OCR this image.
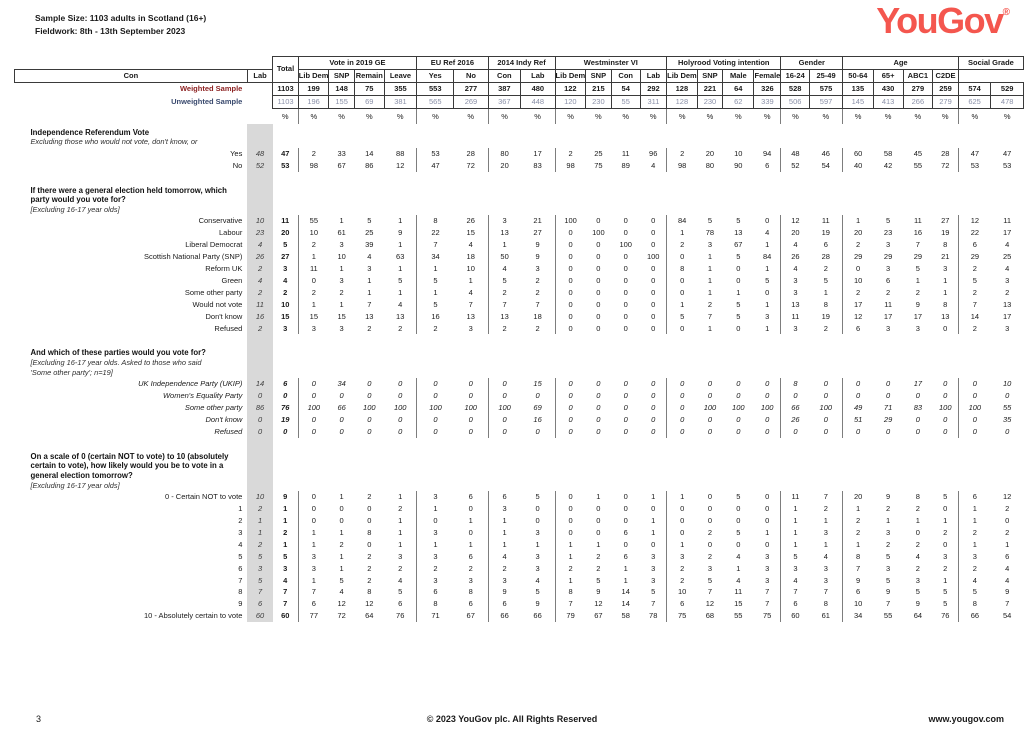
Sample Size: 1103 adults in Scotland (16+)
Fieldwork: 8th - 13th September 2023	YouGov®
		Total	Vote in 2019 GE				EU Ref 2016		2014 Indy Ref		Westminster VI				Holyrood Voting intention				Gender		Age				Social Grade	
Con	Lab		Lib Dem	SNP	Remain	Leave	Yes	No	Con	Lab	Lib Dem	SNP	Con	Lab	Lib Dem	SNP	Male	Female	16-24	25-49	50-64	65+	ABC1	C2DE		
Weighted Sample		1103	199	148	75	355	553	277	387	480	122	215	54	292	128	221	64	326	528	575	135	430	279	259	574	529
Unweighted Sample		1103	196	155	69	381	565	269	367	448	120	230	55	311	128	230	62	339	506	597	145	413	266	279	625	478
		%	%	%	%	%	%	%	%	%	%	%	%	%	%	%	%	%	%	%	%	%	%	%	%	%

Independence Referendum Vote
Excluding those who would not vote, don't know, or																										

Yes	48	47	2	33	14	88	53	28	80	17	2	25	11	96	2	20	10	94	48	46	60	58	45	28	47	47
No	52	53	98	67	86	12	47	72	20	83	98	75	89	4	98	80	90	6	52	54	40	42	55	72	53	53

If there were a general election held tomorrow, which party would you vote for?
[Excluding 16-17 year olds]																										

Conservative	10	11	55	1	5	1	8	26	3	21	100	0	0	0	84	5	5	0	12	11	1	5	11	27	12	11
Labour	23	20	10	61	25	9	22	15	13	27	0	100	0	0	1	78	13	4	20	19	20	23	16	19	22	17
Liberal Democrat	4	5	2	3	39	1	7	4	1	9	0	0	100	0	2	3	67	1	4	6	2	3	7	8	6	4
Scottish National Party (SNP)	26	27	1	10	4	63	34	18	50	9	0	0	0	100	0	1	5	84	26	28	29	29	29	21	29	25
Reform UK	2	3	11	1	3	1	1	10	4	3	0	0	0	0	8	1	0	1	4	2	0	3	5	3	2	4
Green	4	4	0	3	1	5	5	1	5	2	0	0	0	0	0	1	0	5	3	5	10	6	1	1	5	3
Some other party	2	2	2	2	1	1	1	4	2	2	0	0	0	0	0	1	1	0	3	1	2	2	2	1	2	2
Would not vote	11	10	1	1	7	4	5	7	7	7	0	0	0	0	1	2	5	1	13	8	17	11	9	8	7	13
Don't know	16	15	15	15	13	13	16	13	13	18	0	0	0	0	5	7	5	3	11	19	12	17	17	13	14	17
Refused	2	3	3	3	2	2	2	3	2	2	0	0	0	0	0	1	0	1	3	2	6	3	3	0	2	3

And which of these parties would you vote for?
[Excluding 16-17 year olds. Asked to those who said
'Some other party'; n=19]																										

UK Independence Party (UKIP)	14	6	0	34	0	0	0	0	0	15	0	0	0	0	0	0	0	0	8	0	0	0	17	0	0	10
Women's Equality Party	0	0	0	0	0	0	0	0	0	0	0	0	0	0	0	0	0	0	0	0	0	0	0	0	0	0
Some other party	86	76	100	66	100	100	100	100	100	69	0	0	0	0	0	100	100	100	66	100	49	71	83	100	100	55
Don't know	0	19	0	0	0	0	0	0	0	16	0	0	0	0	0	0	0	0	26	0	51	29	0	0	0	35
Refused	0	0	0	0	0	0	0	0	0	0	0	0	0	0	0	0	0	0	0	0	0	0	0	0	0	0

On a scale of 0 (certain NOT to vote) to 10 (absolutely certain to vote), how likely would you be to vote in a general election tomorrow?
[Excluding 16-17 year olds]																										

0 - Certain NOT to vote	10	9	0	1	2	1	3	6	6	5	0	1	0	1	1	0	5	0	11	7	20	9	8	5	6	12
1	2	1	0	0	0	2	1	0	3	0	0	0	0	0	0	0	0	0	1	2	1	2	2	0	1	2
2	1	1	0	0	0	1	0	1	1	0	0	0	0	1	0	0	0	0	1	1	2	1	1	1	1	0
3	1	2	1	1	8	1	3	0	1	3	0	0	6	1	0	2	5	1	1	3	2	3	0	2	2	2
4	2	1	1	2	0	1	1	1	1	1	1	1	0	0	1	0	0	0	1	1	1	2	2	0	1	1
5	5	5	3	1	2	3	3	6	4	3	1	2	6	3	3	2	4	3	5	4	8	5	4	3	3	6
6	3	3	3	1	2	2	2	2	2	3	2	2	1	3	2	3	1	3	3	3	7	3	2	2	2	4
7	5	4	1	5	2	4	3	3	3	4	1	5	1	3	2	5	4	3	4	3	9	5	3	1	4	4
8	7	7	7	4	8	5	6	8	9	5	8	9	14	5	10	7	11	7	7	7	6	9	5	5	5	9
9	6	7	6	12	12	6	8	6	6	9	7	12	14	7	6	12	15	7	6	8	10	7	9	5	8	7
10 - Absolutely certain to vote	60	60	77	72	64	76	71	67	66	66	79	67	58	78	75	68	55	75	60	61	34	55	64	76	66	54
3	© 2023 YouGov plc. All Rights Reserved	www.yougov.com
